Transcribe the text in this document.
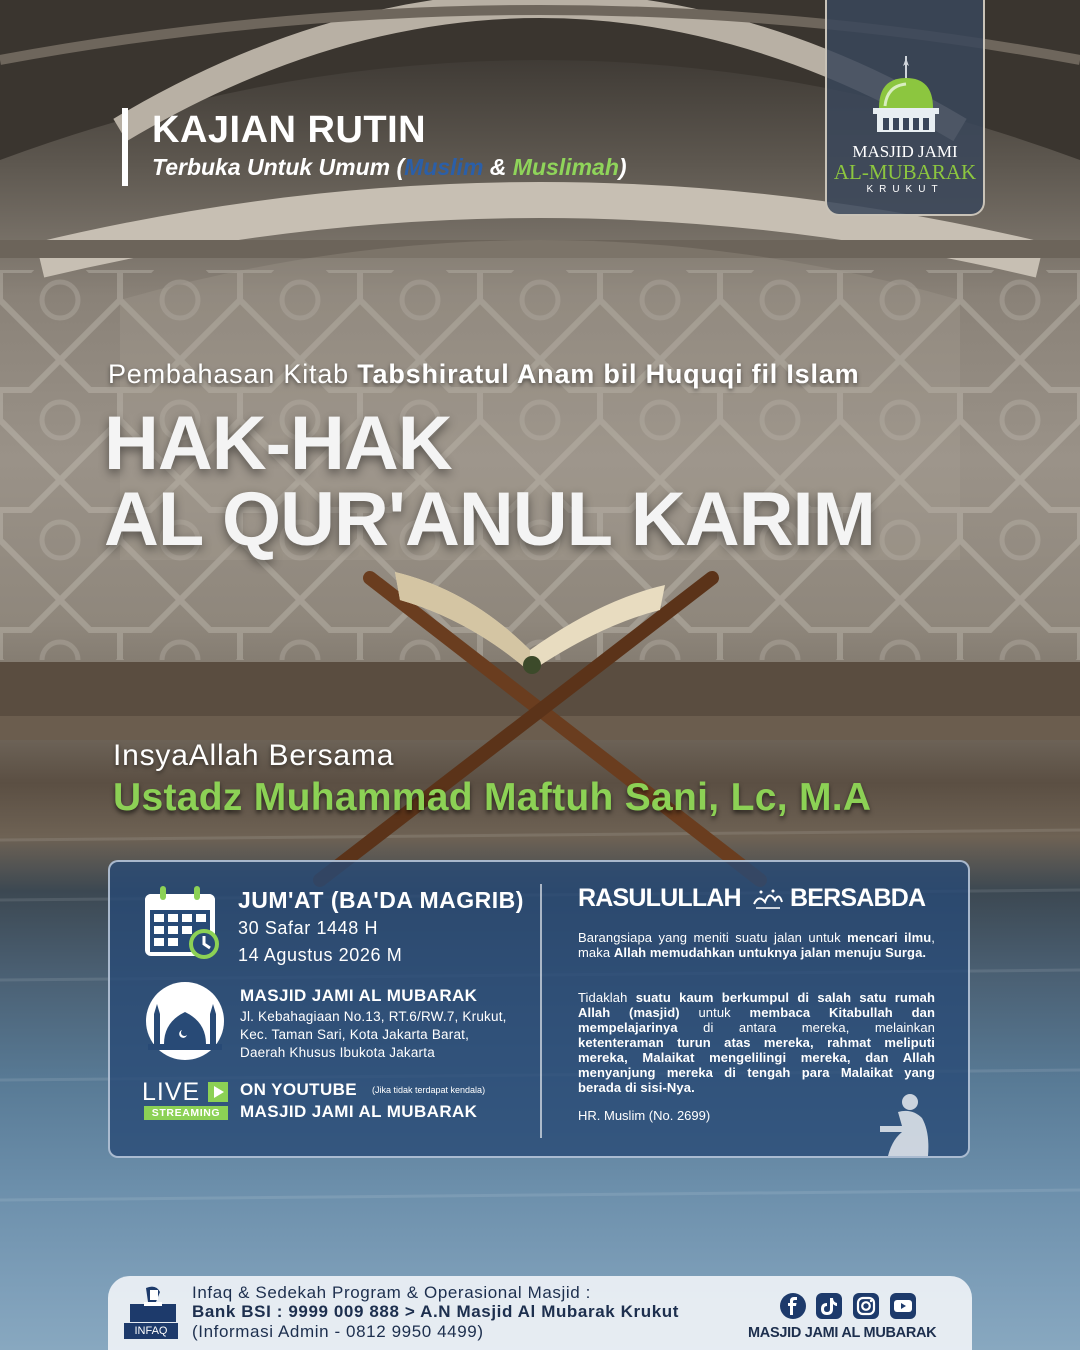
KAJIAN RUTIN
Terbuka Untuk Umum (Muslim & Muslimah)
MASJID JAMI
AL-MUBARAK
KRUKUT
Pembahasan Kitab Tabshiratul Anam bil Huquqi fil Islam
HAK-HAK
AL QUR'ANUL KARIM
InsyaAllah Bersama
Ustadz Muhammad Maftuh Sani, Lc, M.A
JUM'AT (BA'DA MAGRIB)
30 Safar 1448 H
14 Agustus 2026 M
MASJID JAMI AL MUBARAK
Jl. Kebahagiaan No.13, RT.6/RW.7, Krukut, Kec. Taman Sari, Kota Jakarta Barat, Daerah Khusus Ibukota Jakarta
LIVE
STREAMING
ON YOUTUBE (Jika tidak terdapat kendala)
MASJID JAMI AL MUBARAK
RASULULLAH BERSABDA
Barangsiapa yang meniti suatu jalan untuk mencari ilmu, maka Allah memudahkan untuknya jalan menuju Surga.
Tidaklah suatu kaum berkumpul di salah satu rumah Allah (masjid) untuk membaca Kitabullah dan mempelajarinya di antara mereka, melainkan ketenteraman turun atas mereka, rahmat meliputi mereka, Malaikat mengelilingi mereka, dan Allah menyanjung mereka di tengah para Malaikat yang berada di sisi-Nya.
HR. Muslim (No. 2699)
INFAQ
Infaq & Sedekah Program & Operasional Masjid :
Bank BSI : 9999 009 888 > A.N Masjid Al Mubarak Krukut
(Informasi Admin - 0812 9950 4499)	MASJID JAMI AL MUBARAK
